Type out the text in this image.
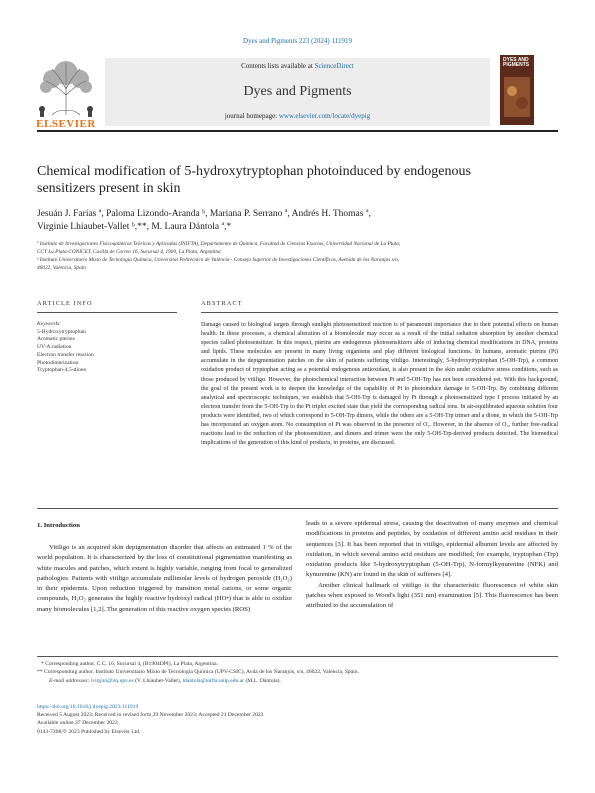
Dyes and Pigments 223 (2024) 111919
ELSEVIER
Contents lists available at ScienceDirect
Dyes and Pigments
journal homepage: www.elsevier.com/locate/dyepig
DYES AND PIGMENTS
Chemical modification of 5-hydroxytryptophan photoinduced by endogenous sensitizers present in skin
Jesuán J. Farías ª, Paloma Lizondo-Aranda ᵇ, Mariana P. Serrano ª, Andrés H. Thomas ª,
Virginie Lhiaubet-Vallet ᵇ,**, M. Laura Dántola ª,*
ª Instituto de Investigaciones Fisicoquímicas Teóricas y Aplicadas (INIFTA), Departamento de Química, Facultad de Ciencias Exactas, Universidad Nacional de La Plata,
CCT La Plata-CONICET, Casilla de Correo 16, Sucursal 4, 1900, La Plata, Argentina
ᵇ Instituto Universitario Mixto de Tecnología Química, Universitat Politècnica de València - Consejo Superior de Investigaciones Científicas, Avenida de los Naranjos s/n,
46022, Valencia, Spain
ARTICLE INFO	ABSTRACT
Keywords:
5-Hydroxytryptophan
Aromatic pterins
UV-A radiation
Electron transfer reaction
Photodimerization
Tryptophan-4,5-dione
Damage caused to biological targets through sunlight photosensitized reaction is of paramount importance due to their potential effects on human health. In these processes, a chemical alteration of a biomolecule may occur as a result of the initial radiation absorption by another chemical species called photosensitizer. In this respect, pterins are endogenous photosensitizers able of inducing chemical modifications in DNA, proteins and lipids. These molecules are present in many living organisms and play different biological functions. In humans, aromatic pterins (Pt) accumulate in the depigmentation patches on the skin of patients suffering vitiligo. Interestingly, 5-hydroxytryptophan (5-OH-Trp), a common oxidation product of tryptophan acting as a potential endogenous antioxidant, is also present in the skin under oxidative stress conditions, such as those produced by vitiligo. However, the photochemical interaction between Pt and 5-OH-Trp has not been considered yet. With this background, the goal of the present work is to deepen the knowledge of the capability of Pt to photoinduce damage to 5-OH-Trp. By combining different analytical and spectroscopic techniques, we establish that 5-OH-Trp is damaged by Pt through a photosensitized type I process initiated by an electron transfer from the 5-OH-Trp to the Pt triplet excited state that yield the corresponding radical ions. In air-equilibrated aqueous solution four products were identified, two of which correspond to 5-OH-Trp dimers, while the others are a 5-OH-Trp trimer and a dione, in which the 5-OH-Trp has incorporated an oxygen atom. No consumption of Pt was observed in the presence of O₂. However, in the absence of O₂, further free-radical reactions lead to the reduction of the photosensitizer, and dimers and trimer were the only 5-OH-Trp-derived products detected. The biomedical implications of the generation of this kind of products, in proteins, are discussed.
1. Introduction
Vitiligo is an acquired skin depigmentation disorder that affects an estimated 1 % of the world population. It is characterized by the loss of constitutional pigmentation manifesting as white macules and patches, which extent is highly variable, ranging from focal to generalized pathologies. Patients with vitiligo accumulate millimolar levels of hydrogen peroxide (H₂O₂) in their epidermis. Upon reduction triggered by transition metal cations, or some organic compounds, H₂O₂ generates the highly reactive hydroxyl radical (HO•) that is able to oxidize many biomolecules [1,2]. The generation of this reactive oxygen species (ROS)
leads to a severe epidermal stress, causing the deactivation of many enzymes and chemical modifications in proteins and peptides, by oxidation of different amino acid residues in their sequences [3]. It has been reported that in vitiligo, epidermal albumin levels are affected by oxidation, in which several amino acid residues are modified; for example, tryptophan (Trp) oxidation products like 5-hydroxytryptophan (5-OH-Trp), N-formylkynurenine (NFK) and kynurenine (KN) are found in the skin of sufferers [4].
Another clinical hallmark of vitiligo is the characteristic fluorescence of white skin patches when exposed to Wood's light (351 nm) examination [5]. This fluorescence has been attributed to the accumulation of
* Corresponding author. C.C. 16, Sucursal 4, (B1904DPI), La Plata, Argentina.
** Corresponding author. Instituto Universitario Mixto de Tecnología Química (UPV-CSIC), Avda de los Naranjos, s/n, 46022, Valencia, Spain.
E-mail addresses: lvirgini@itq.upv.es (V. Lhiaubet-Vallet), ldantola@inifta.unlp.edu.ar (M.L. Dántola).
https://doi.org/10.1016/j.dyepig.2023.111919
Received 5 August 2023; Received in revised form 29 November 2023; Accepted 21 December 2023
Available online 27 December 2023
0143-7208/© 2023 Published by Elsevier Ltd.
